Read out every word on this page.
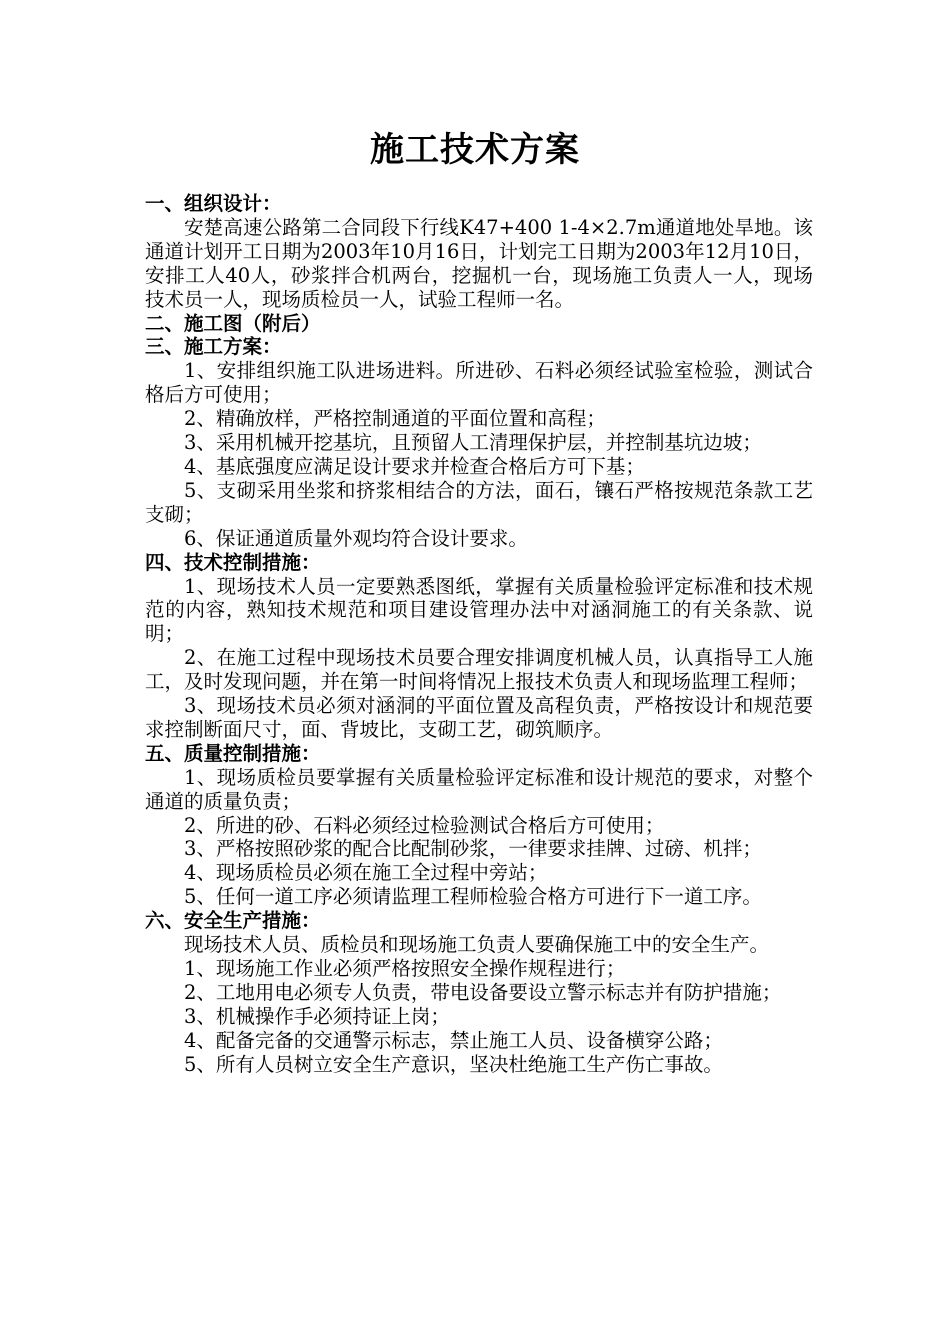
施工技术方案
一、组织设计：
安楚高速公路第二合同段下行线K47+400 1-4×2.7m通道地处旱地。该通道计划开工日期为2003年10月16日，计划完工日期为2003年12月10日，安排工人40人，砂浆拌合机两台，挖掘机一台，现场施工负责人一人，现场技术员一人，现场质检员一人，试验工程师一名。
二、施工图（附后）
三、施工方案：
1、安排组织施工队进场进料。所进砂、石料必须经试验室检验，测试合格后方可使用；
2、精确放样，严格控制通道的平面位置和高程；
3、采用机械开挖基坑，且预留人工清理保护层，并控制基坑边坡；
4、基底强度应满足设计要求并检查合格后方可下基；
5、支砌采用坐浆和挤浆相结合的方法，面石，镶石严格按规范条款工艺支砌；
6、保证通道质量外观均符合设计要求。
四、技术控制措施：
1、现场技术人员一定要熟悉图纸，掌握有关质量检验评定标准和技术规范的内容，熟知技术规范和项目建设管理办法中对涵洞施工的有关条款、说明；
2、在施工过程中现场技术员要合理安排调度机械人员，认真指导工人施工，及时发现问题，并在第一时间将情况上报技术负责人和现场监理工程师；
3、现场技术员必须对涵洞的平面位置及高程负责，严格按设计和规范要求控制断面尺寸，面、背坡比，支砌工艺，砌筑顺序。
五、质量控制措施：
1、现场质检员要掌握有关质量检验评定标准和设计规范的要求，对整个通道的质量负责；
2、所进的砂、石料必须经过检验测试合格后方可使用；
3、严格按照砂浆的配合比配制砂浆，一律要求挂牌、过磅、机拌；
4、现场质检员必须在施工全过程中旁站；
5、任何一道工序必须请监理工程师检验合格方可进行下一道工序。
六、安全生产措施：
现场技术人员、质检员和现场施工负责人要确保施工中的安全生产。
1、现场施工作业必须严格按照安全操作规程进行；
2、工地用电必须专人负责，带电设备要设立警示标志并有防护措施；
3、机械操作手必须持证上岗；
4、配备完备的交通警示标志，禁止施工人员、设备横穿公路；
5、所有人员树立安全生产意识，坚决杜绝施工生产伤亡事故。
